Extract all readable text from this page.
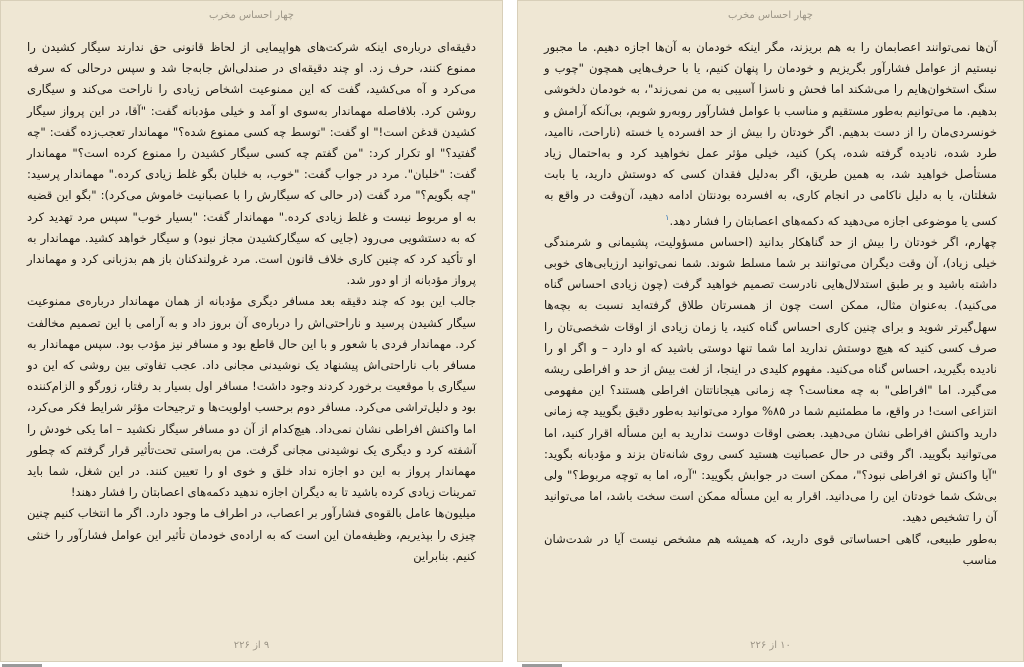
چهار احساس مخرب

دقیقه‌ای درباره‌ی اینکه شرکت‌های هواپیمایی از لحاظ قانونی حق ندارند سیگار کشیدن را ممنوع کنند، حرف زد. او چند دقیقه‌ای در صندلی‌اش جابه‌جا شد و سپس درحالی که سرفه می‌کرد و آه می‌کشید، گفت که این ممنوعیت اشخاص زیادی را ناراحت می‌کند و سیگاری روشن کرد. بلافاصله مهماندار به‌سوی او آمد و خیلی مؤدبانه گفت: "آقا، در این پرواز سیگار کشیدن قدغن است!" او گفت: "توسط چه کسی ممنوع شده؟" مهماندار تعجب‌زده گفت: "چه گفتید؟" او تکرار کرد: "من گفتم چه کسی سیگار کشیدن را ممنوع کرده است؟" مهماندار گفت: "خلبان". مرد در جواب گفت: "خوب، به خلبان بگو غلط زیادی کرده." مهماندار پرسید: "چه بگویم؟" مرد گفت (در حالی که سیگارش را با عصبانیت خاموش می‌کرد): "بگو این قضیه به او مربوط نیست و غلط زیادی کرده." مهماندار گفت: "بسیار خوب" سپس مرد تهدید کرد که به دستشویی می‌رود (جایی که سیگارکشیدن مجاز نبود) و سیگار خواهد کشید. مهماندار به او تأکید کرد که چنین کاری خلاف قانون است. مرد غرولندکنان باز هم بدزبانی کرد و مهماندار پرواز مؤدبانه از او دور شد.

جالب این بود که چند دقیقه بعد مسافر دیگری مؤدبانه از همان مهماندار درباره‌ی ممنوعیت سیگار کشیدن پرسید و ناراحتی‌اش را درباره‌ی آن بروز داد و به آرامی با این تصمیم مخالفت کرد. مهماندار فردی با شعور و با این حال قاطع بود و مسافر نیز مؤدب بود. سپس مهماندار به مسافر باب ناراحتی‌اش پیشنهاد یک نوشیدنی مجانی داد. عجب تفاوتی بین روشی که این دو سیگاری با موقعیت برخورد کردند وجود داشت! مسافر اول بسیار بد رفتار، زورگو و الزام‌کننده بود و دلیل‌تراشی می‌کرد. مسافر دوم برحسب اولویت‌ها و ترجیحات مؤثر شرایط فکر می‌کرد، اما واکنش افراطی نشان نمی‌داد. هیچ‌کدام از آن دو مسافر سیگار نکشید – اما یکی خودش را آشفته کرد و دیگری یک نوشیدنی مجانی گرفت. من به‌راستی تحت‌تأثیر قرار گرفتم که چطور مهماندار پرواز به این دو اجازه نداد خلق و خوی او را تعیین کنند. در این شغل، شما باید تمرینات زیادی کرده باشید تا به دیگران اجازه ندهید دکمه‌های اعصابتان را فشار دهند!

میلیون‌ها عامل بالقوه‌ی فشارآور بر اعصاب، در اطراف ما وجود دارد. اگر ما انتخاب کنیم چنین چیزی را بپذیریم، وظیفه‌مان این است که به اراده‌ی خودمان تأثیر این عوامل فشارآور را خنثی کنیم. بنابراین

۹ از ۲۲۶
چهار احساس مخرب

آن‌ها نمی‌توانند اعصابمان را به هم بریزند، مگر اینکه خودمان به آن‌ها اجازه دهیم. ما مجبور نیستیم از عوامل فشارآور بگریزیم و خودمان را پنهان کنیم، یا با حرف‌هایی همچون "چوب و سنگ استخوان‌هایم را می‌شکند اما فحش و ناسزا آسیبی به من نمی‌زند"، به خودمان دلخوشی بدهیم. ما می‌توانیم به‌طور مستقیم و مناسب با عوامل فشارآور روبه‌رو شویم، بی‌آنکه آرامش و خونسردی‌مان را از دست بدهیم. اگر خودتان را بیش از حد افسرده یا خسته (ناراحت، ناامید، طرد شده، نادیده گرفته شده، پکر) کنید، خیلی مؤثر عمل نخواهید کرد و به‌احتمال زیاد مستأصل خواهید شد، به همین طریق، اگر به‌دلیل فقدان کسی که دوستش دارید، یا بابت شغلتان، یا به دلیل ناکامی در انجام کاری، به افسرده بودنتان ادامه دهید، آن‌وقت در واقع به کسی یا موضوعی اجازه می‌دهید که دکمه‌های اعصابتان را فشار دهد.$^۱$

چهارم، اگر خودتان را بیش از حد گناهکار بدانید (احساس مسؤولیت، پشیمانی و شرمندگی خیلی زیاد)، آن وقت دیگران می‌توانند بر شما مسلط شوند. شما نمی‌توانید ارزیابی‌های خوبی داشته باشید و بر طبق استدلال‌هایی نادرست تصمیم خواهید گرفت (چون زیادی احساس گناه می‌کنید). به‌عنوان مثال، ممکن است چون از همسرتان طلاق گرفته‌اید نسبت به بچه‌ها سهل‌گیرتر شوید و برای چنین کاری احساس گناه کنید، یا زمان زیادی از اوقات شخصی‌تان را صرف کسی کنید که هیچ دوستش ندارید اما شما تنها دوستی باشید که او دارد – و اگر او را نادیده بگیرید، احساس گناه می‌کنید. مفهوم کلیدی در اینجا، از لغت بیش از حد و افراطی ریشه می‌گیرد. اما "افراطی" به چه معناست؟ چه زمانی هیجاناتتان افراطی هستند؟ این مفهومی انتزاعی است! در واقع، ما مطمئنیم شما در ۸۵% موارد می‌توانید به‌طور دقیق بگویید چه زمانی دارید واکنش افراطی نشان می‌دهید. بعضی اوقات دوست ندارید به این مسأله اقرار کنید، اما می‌توانید بگویید. اگر وقتی در حال عصبانیت هستید کسی روی شانه‌تان بزند و مؤدبانه بگوید: "آیا واکنش تو افراطی نبود؟"، ممکن است در جوابش بگویید: "آره، اما به توچه مربوط؟" ولی بی‌شک شما خودتان این را می‌دانید. اقرار به این مسأله ممکن است سخت باشد، اما می‌توانید آن را تشخیص دهید.

به‌طور طبیعی، گاهی احساساتی قوی دارید، که همیشه هم مشخص نیست آیا در شدت‌شان مناسب

۱۰ از ۲۲۶
